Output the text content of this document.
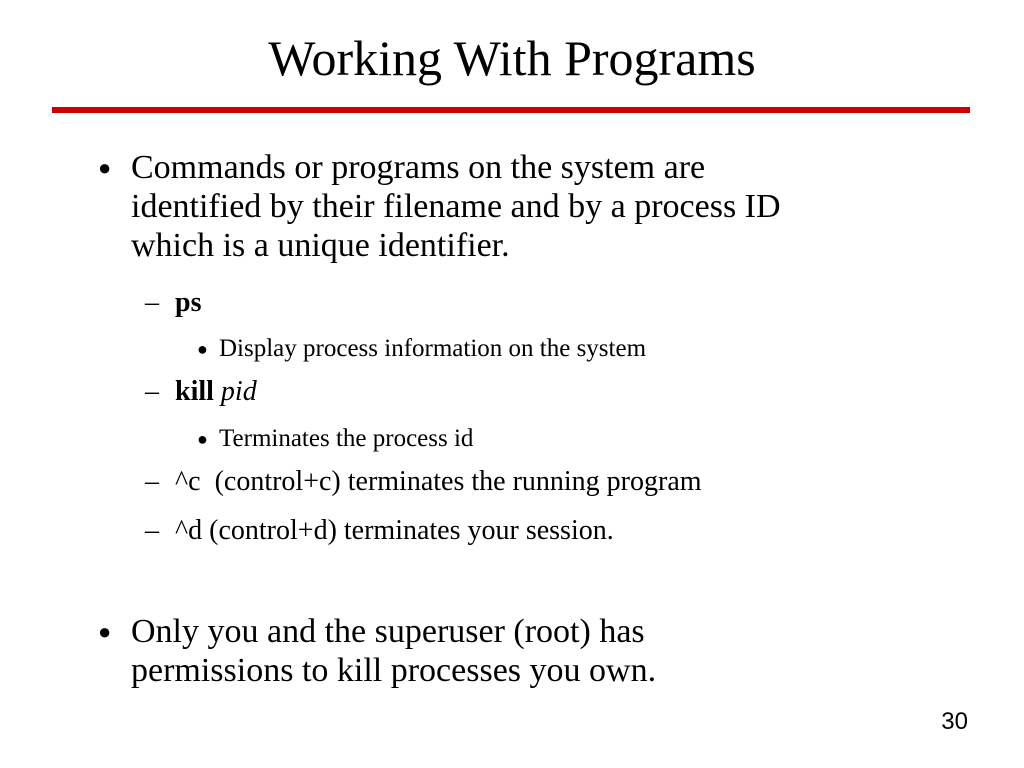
Working With Programs
● Commands or programs on the system are
identified by their filename and by a process ID
which is a unique identifier.
– ps
● Display process information on the system
– kill pid
● Terminates the process id
– ^c  (control+c) terminates the running program
– ^d (control+d) terminates your session.
● Only you and the superuser (root) has
permissions to kill processes you own.
30
